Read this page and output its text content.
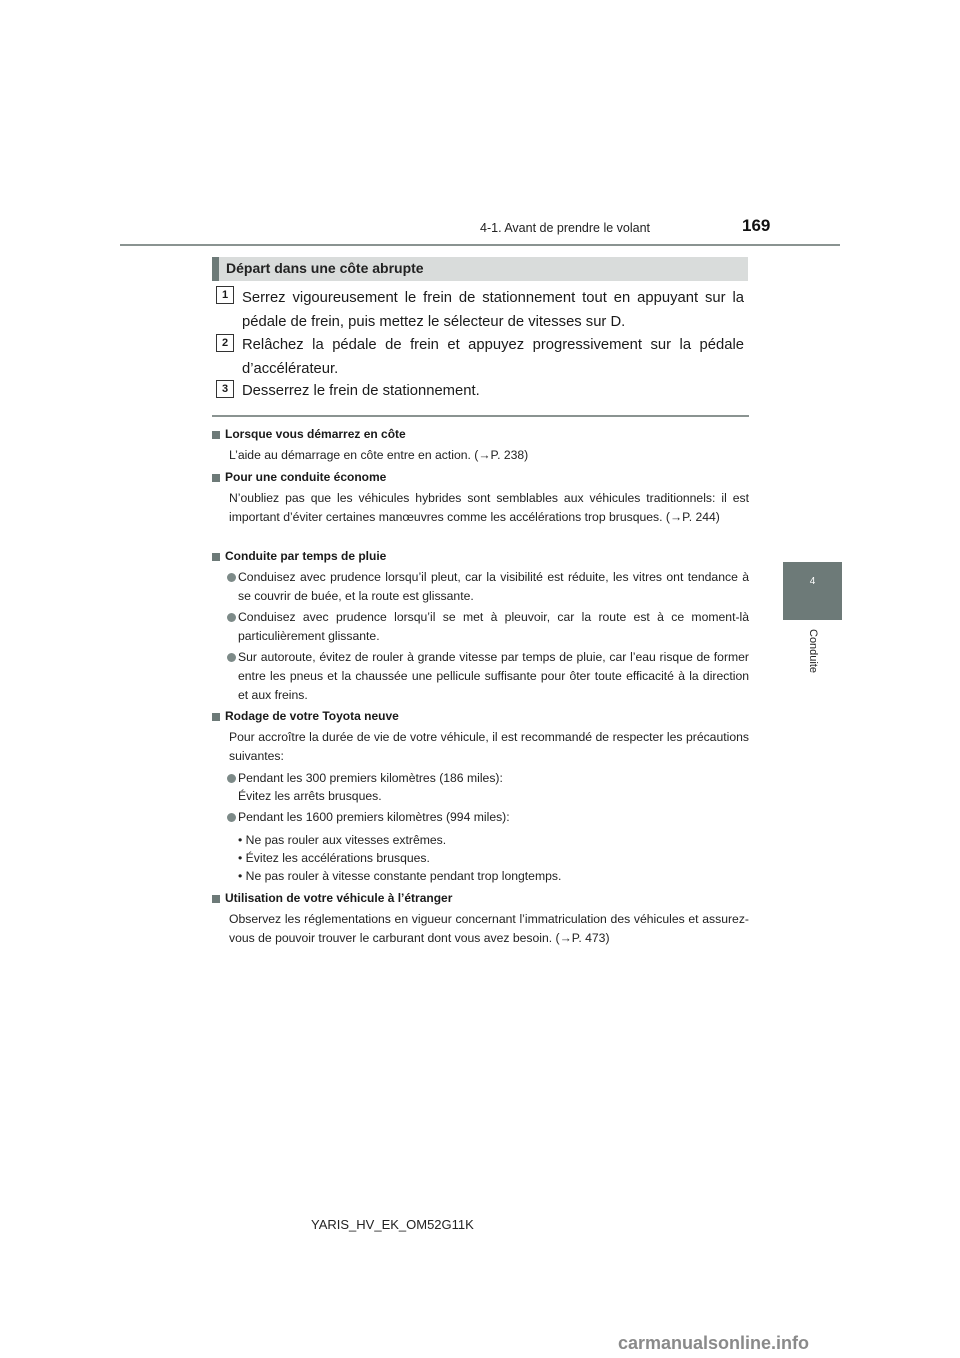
4-1. Avant de prendre le volant	169
4
Conduite
Départ dans une côte abrupte
1 Serrez vigoureusement le frein de stationnement tout en appuyant sur la pédale de frein, puis mettez le sélecteur de vitesses sur D.
2 Relâchez la pédale de frein et appuyez progressivement sur la pédale d’accélérateur.
3 Desserrez le frein de stationnement.
Lorsque vous démarrez en côte
L’aide au démarrage en côte entre en action. (→P. 238)
Pour une conduite économe
N’oubliez pas que les véhicules hybrides sont semblables aux véhicules traditionnels: il est important d’éviter certaines manœuvres comme les accélérations trop brusques. (→P. 244)
Conduite par temps de pluie
Conduisez avec prudence lorsqu’il pleut, car la visibilité est réduite, les vitres ont tendance à se couvrir de buée, et la route est glissante.
Conduisez avec prudence lorsqu’il se met à pleuvoir, car la route est à ce moment-là particulièrement glissante.
Sur autoroute, évitez de rouler à grande vitesse par temps de pluie, car l’eau risque de former entre les pneus et la chaussée une pellicule suffisante pour ôter toute efficacité à la direction et aux freins.
Rodage de votre Toyota neuve
Pour accroître la durée de vie de votre véhicule, il est recommandé de respecter les précautions suivantes:
Pendant les 300 premiers kilomètres (186 miles):
Évitez les arrêts brusques.
Pendant les 1600 premiers kilomètres (994 miles):
• Ne pas rouler aux vitesses extrêmes.
• Évitez les accélérations brusques.
• Ne pas rouler à vitesse constante pendant trop longtemps.
Utilisation de votre véhicule à l’étranger
Observez les réglementations en vigueur concernant l’immatriculation des véhicules et assurez-vous de pouvoir trouver le carburant dont vous avez besoin. (→P. 473)
YARIS_HV_EK_OM52G11K
carmanualsonline.info
